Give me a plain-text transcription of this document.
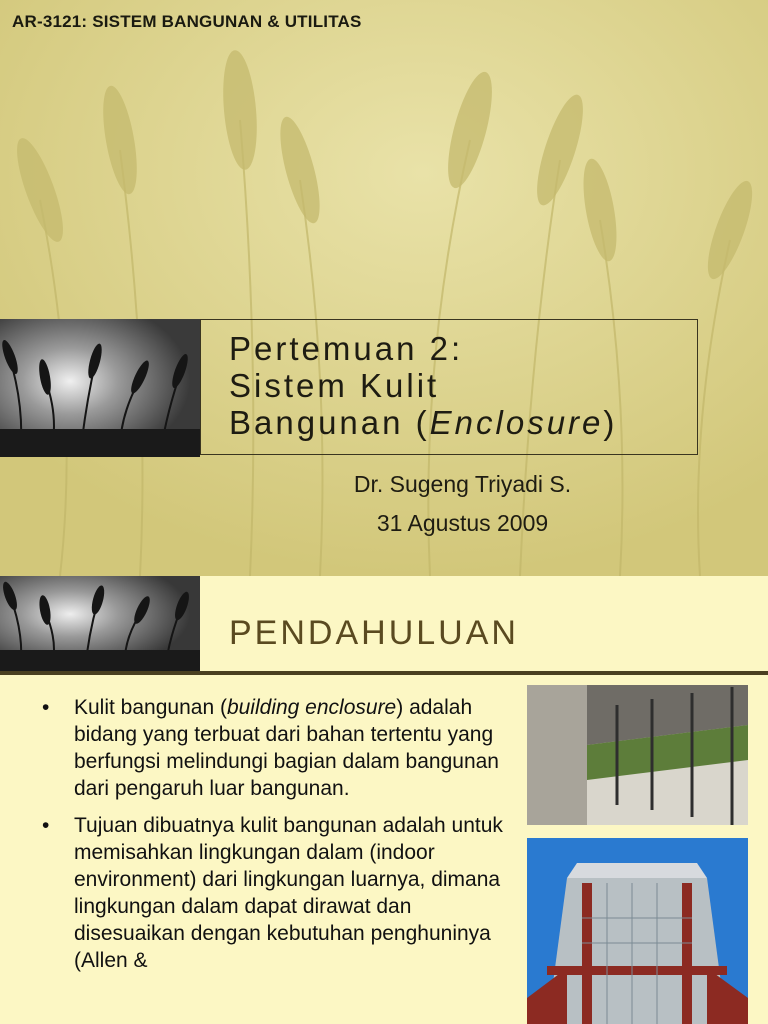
AR-3121: SISTEM BANGUNAN & UTILITAS
Pertemuan 2:
Sistem Kulit
Bangunan (Enclosure)
Dr. Sugeng Triyadi S.
31 Agustus 2009
PENDAHULUAN
• Kulit bangunan (building enclosure) adalah bidang yang terbuat dari bahan tertentu yang berfungsi melindungi bagian dalam bangunan dari pengaruh luar bangunan.
• Tujuan dibuatnya kulit bangunan adalah untuk memisahkan lingkungan dalam (indoor environment) dari lingkungan luarnya, dimana lingkungan dalam dapat dirawat dan disesuaikan dengan kebutuhan penghuninya (Allen &
